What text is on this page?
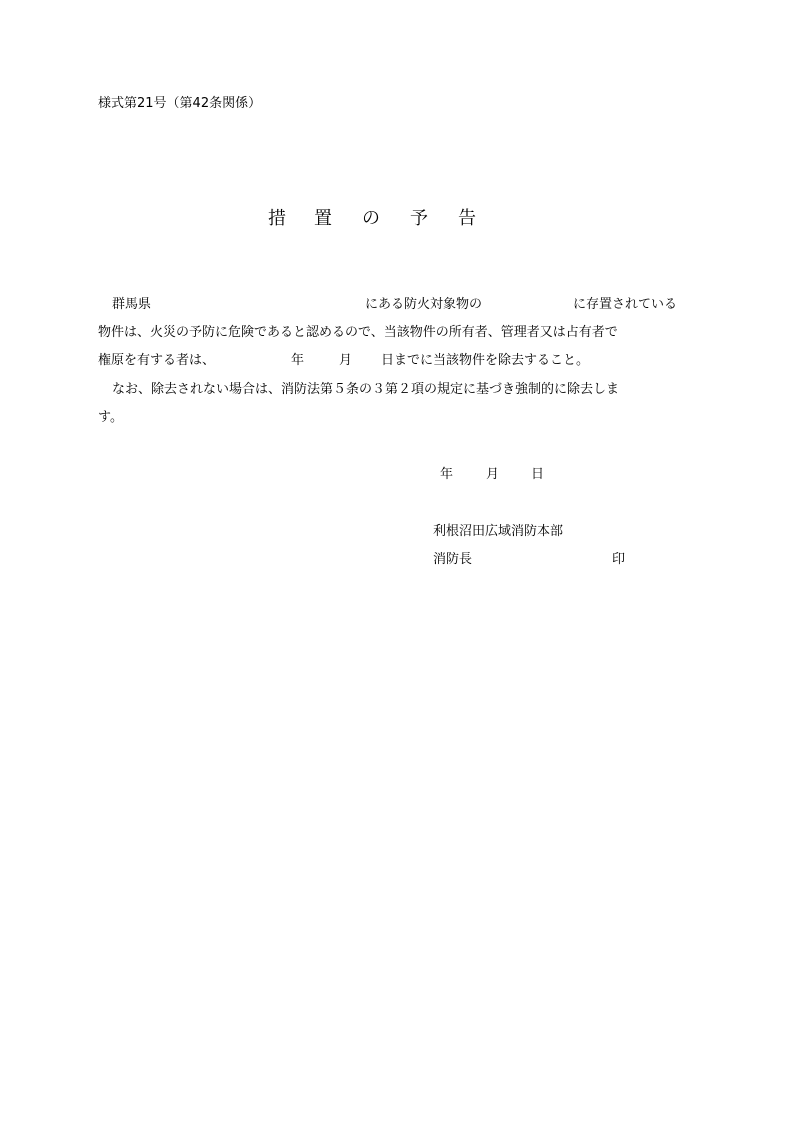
様式第21号（第42条関係）
措 置 の 予 告
群馬県	にある防火対象物の	に存置されている
物件は、火災の予防に危険であると認めるので、当該物件の所有者、管理者又は占有者で
権原を有する者は、	年	月 日までに当該物件を除去すること。
なお、除去されない場合は、消防法第５条の３第２項の規定に基づき強制的に除去しま
す。
年	月 日
利根沼田広域消防本部
消防長	印
